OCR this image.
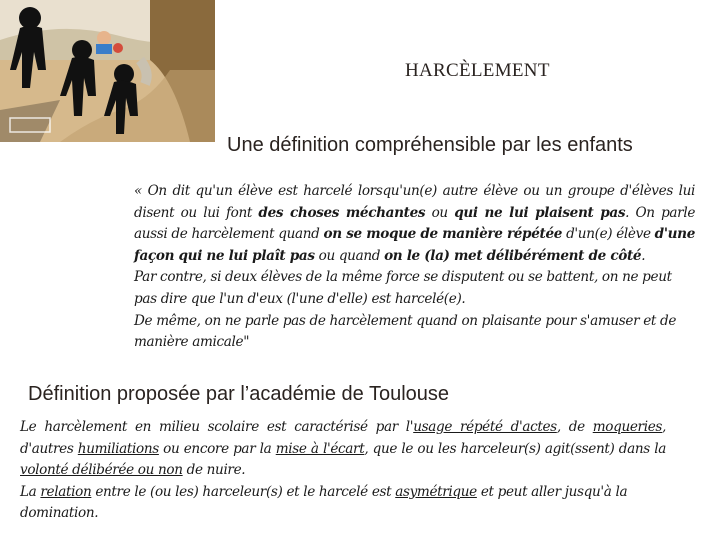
HARCÈLEMENT
Une définition compréhensible par les enfants

« On dit qu'un élève est harcelé lorsqu'un(e) autre élève ou un groupe d'élèves lui disent ou lui font des choses méchantes ou qui ne lui plaisent pas. On parle aussi de harcèlement quand on se moque de manière répétée d'un(e) élève d'une façon qui ne lui plaît pas ou quand on le (la) met délibérément de côté.

Par contre, si deux élèves de la même force se disputent ou se battent, on ne peut pas dire que l'un d'eux (l'une d'elle) est harcelé(e).

De même, on ne parle pas de harcèlement quand on plaisante pour s'amuser et de manière amicale"

Définition proposée par l’académie de Toulouse

Le harcèlement en milieu scolaire est caractérisé par l'usage répété d'actes, de moqueries, d'autres humiliations ou encore par la mise à l'écart, que le ou les harceleur(s) agit(ssent) dans la volonté délibérée ou non de nuire.

La relation entre le (ou les) harceleur(s) et le harcelé est asymétrique et peut aller jusqu'à la domination.
